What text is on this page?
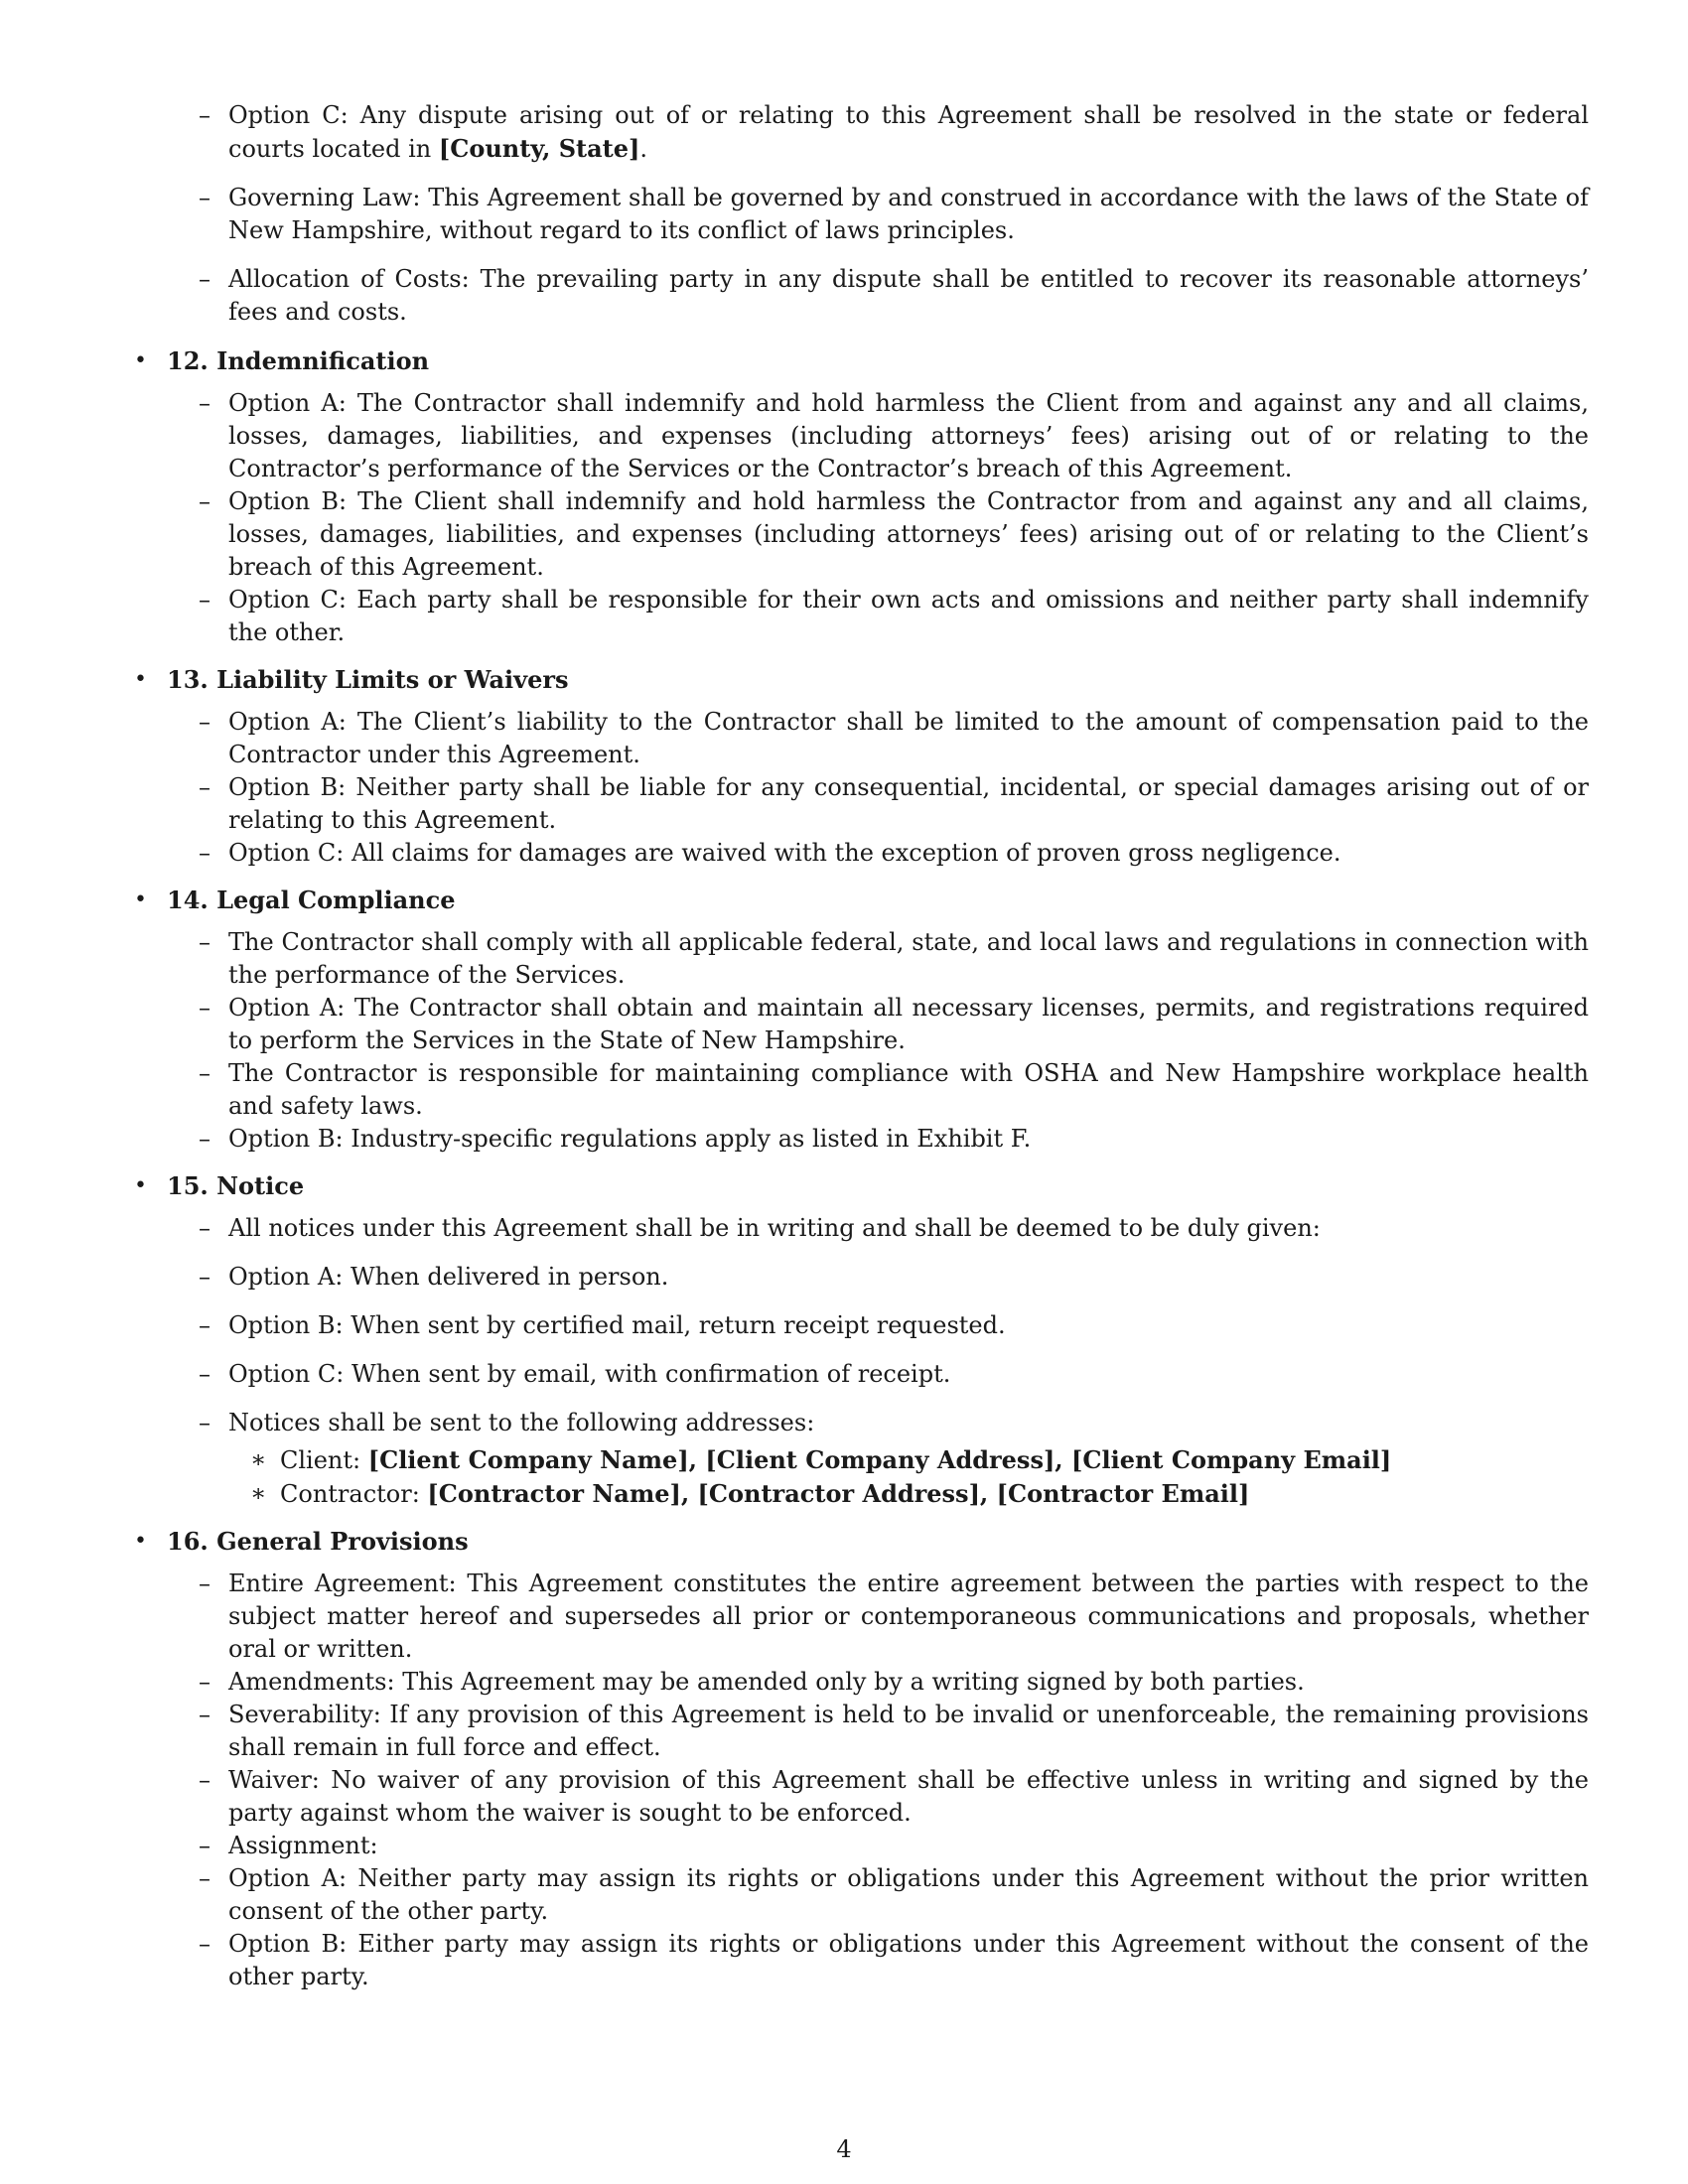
– Option C: Any dispute arising out of or relating to this Agreement shall be resolved in the state or federal courts located in [County, State].
– Governing Law: This Agreement shall be governed by and construed in accordance with the laws of the State of New Hampshire, without regard to its conflict of laws principles.
– Allocation of Costs: The prevailing party in any dispute shall be entitled to recover its reasonable attorneys’ fees and costs.
• 12. Indemnification
– Option A: The Contractor shall indemnify and hold harmless the Client from and against any and all claims, losses, damages, liabilities, and expenses (including attorneys’ fees) arising out of or relating to the Contractor’s performance of the Services or the Contractor’s breach of this Agreement.
– Option B: The Client shall indemnify and hold harmless the Contractor from and against any and all claims, losses, damages, liabilities, and expenses (including attorneys’ fees) arising out of or relating to the Client’s breach of this Agreement.
– Option C: Each party shall be responsible for their own acts and omissions and neither party shall indemnify the other.
• 13. Liability Limits or Waivers
– Option A: The Client’s liability to the Contractor shall be limited to the amount of compensation paid to the Contractor under this Agreement.
– Option B: Neither party shall be liable for any consequential, incidental, or special damages arising out of or relating to this Agreement.
– Option C: All claims for damages are waived with the exception of proven gross negligence.
• 14. Legal Compliance
– The Contractor shall comply with all applicable federal, state, and local laws and regulations in connection with the performance of the Services.
– Option A: The Contractor shall obtain and maintain all necessary licenses, permits, and registrations required to perform the Services in the State of New Hampshire.
– The Contractor is responsible for maintaining compliance with OSHA and New Hampshire workplace health and safety laws.
– Option B: Industry-specific regulations apply as listed in Exhibit F.
• 15. Notice
– All notices under this Agreement shall be in writing and shall be deemed to be duly given:
– Option A: When delivered in person.
– Option B: When sent by certified mail, return receipt requested.
– Option C: When sent by email, with confirmation of receipt.
– Notices shall be sent to the following addresses:
∗ Client: [Client Company Name], [Client Company Address], [Client Company Email]
∗ Contractor: [Contractor Name], [Contractor Address], [Contractor Email]
• 16. General Provisions
– Entire Agreement: This Agreement constitutes the entire agreement between the parties with respect to the subject matter hereof and supersedes all prior or contemporaneous communications and proposals, whether oral or written.
– Amendments: This Agreement may be amended only by a writing signed by both parties.
– Severability: If any provision of this Agreement is held to be invalid or unenforceable, the remaining provisions shall remain in full force and effect.
– Waiver: No waiver of any provision of this Agreement shall be effective unless in writing and signed by the party against whom the waiver is sought to be enforced.
– Assignment:
– Option A: Neither party may assign its rights or obligations under this Agreement without the prior written consent of the other party.
– Option B: Either party may assign its rights or obligations under this Agreement without the consent of the other party.
4
